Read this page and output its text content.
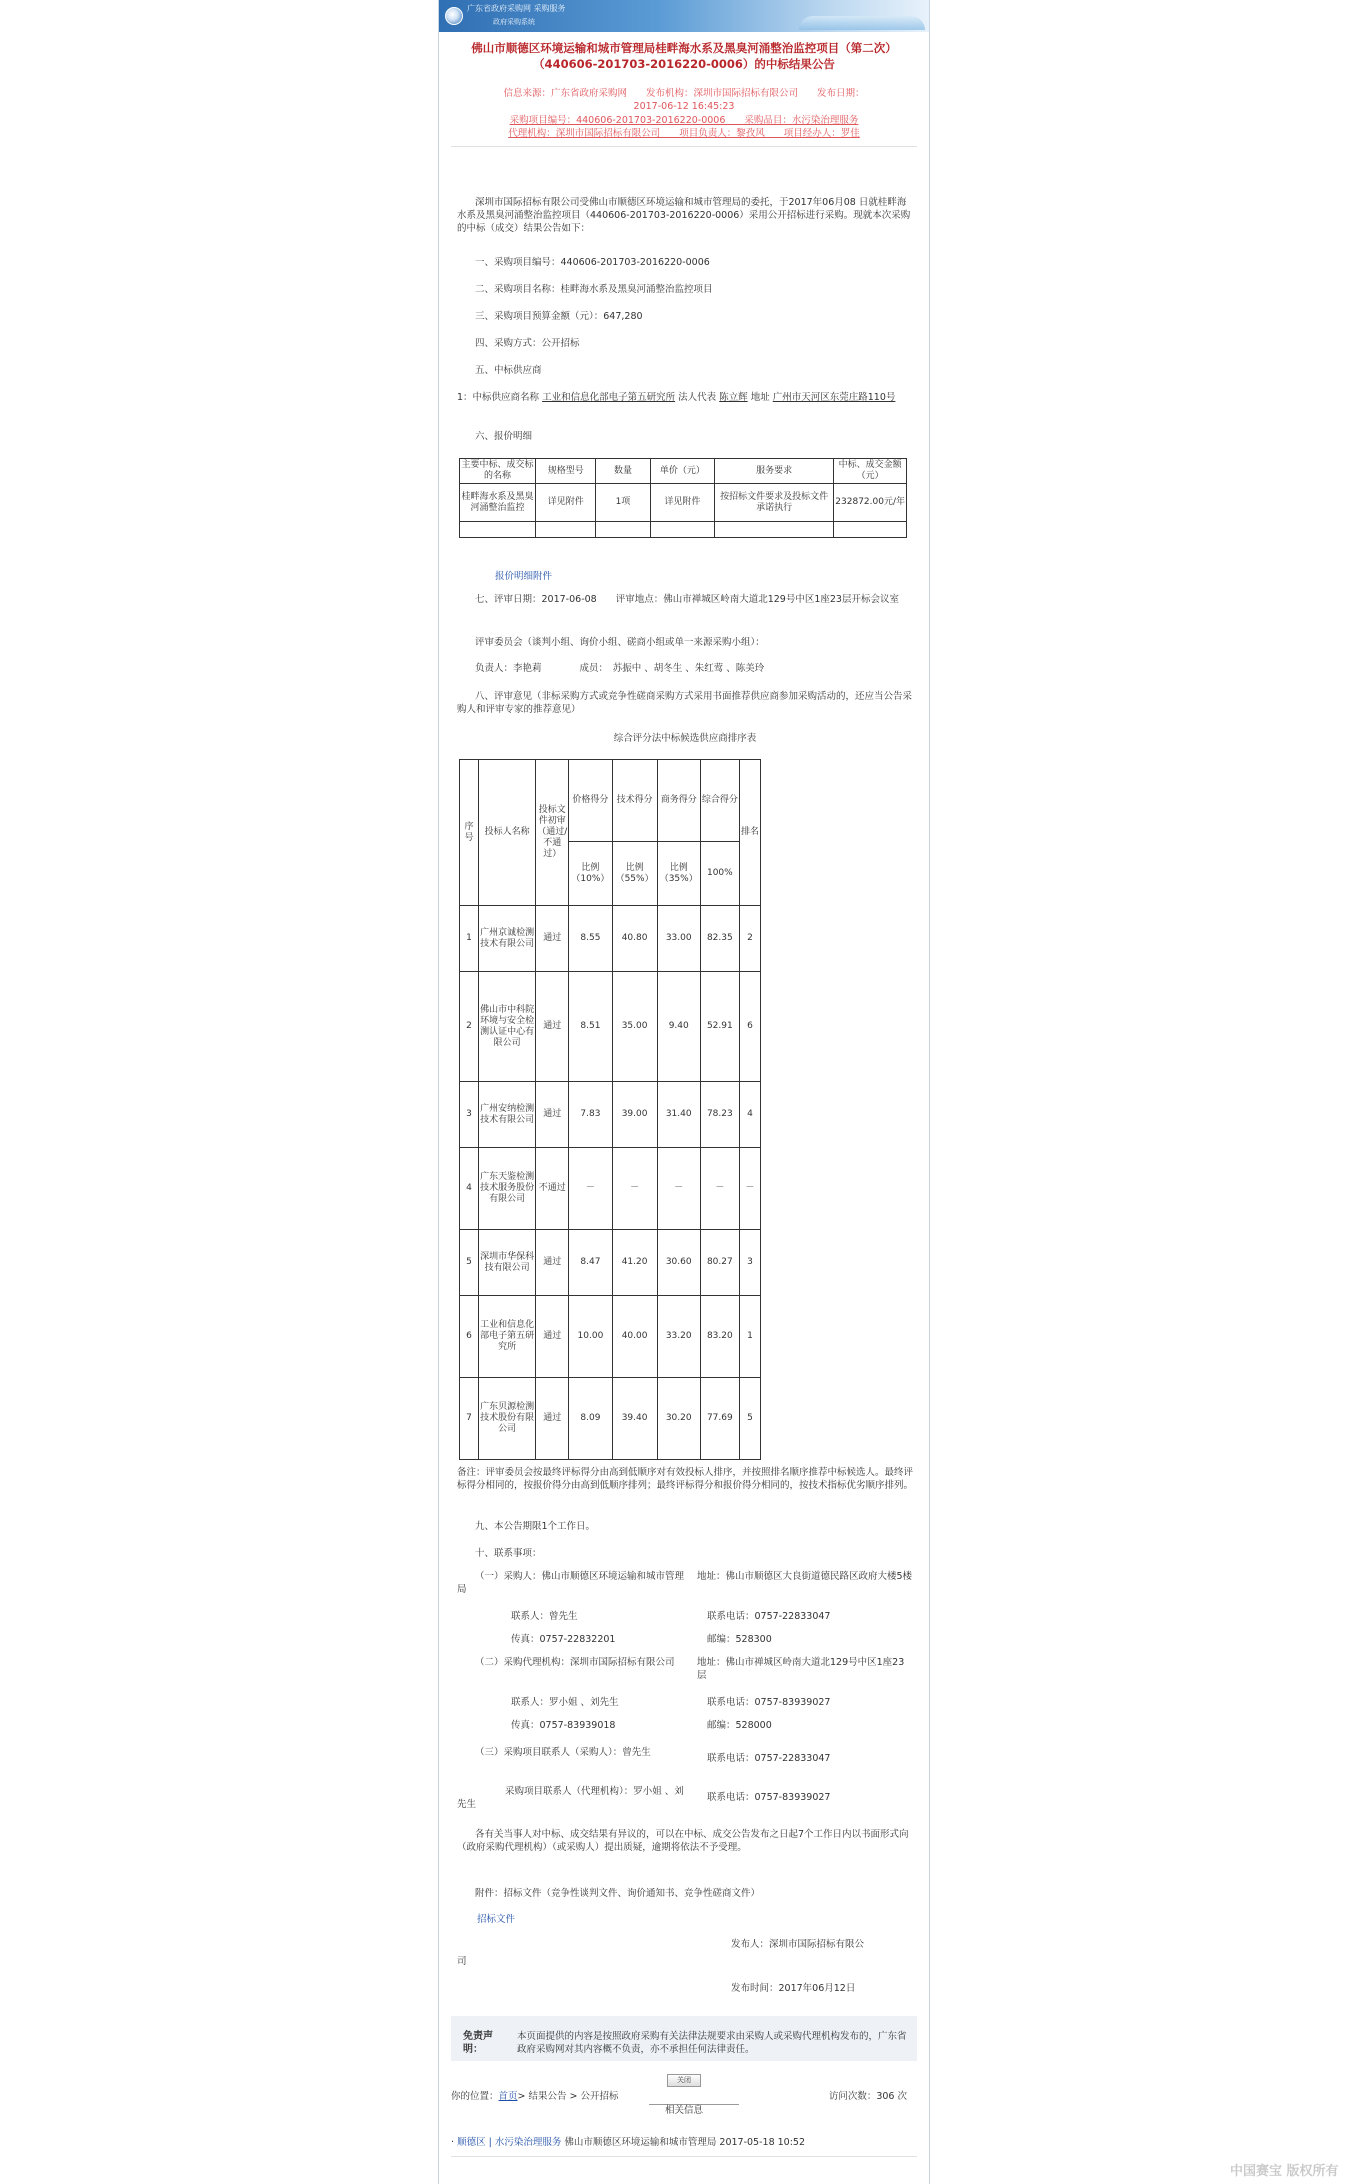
广东省政府采购网 采购服务
政府采购系统
佛山市顺德区环境运输和城市管理局桂畔海水系及黑臭河涌整治监控项目（第二次）（440606-201703-2016220-0006）的中标结果公告
信息来源：广东省政府采购网　　发布机构：深圳市国际招标有限公司　　发布日期：
2017-06-12 16:45:23
采购项目编号：440606-201703-2016220-0006　　采购品目：水污染治理服务
代理机构：深圳市国际招标有限公司　　项目负责人：黎孜风　　项目经办人：罗佳
深圳市国际招标有限公司受佛山市顺德区环境运输和城市管理局的委托，于2017年06月08 日就桂畔海水系及黑臭河涌整治监控项目（440606-201703-2016220-0006）采用公开招标进行采购。现就本次采购的中标（成交）结果公告如下：
一、采购项目编号：440606-201703-2016220-0006
二、采购项目名称：桂畔海水系及黑臭河涌整治监控项目
三、采购项目预算金额（元）：647,280
四、采购方式：公开招标
五、中标供应商
1：中标供应商名称 工业和信息化部电子第五研究所 法人代表 陈立辉 地址 广州市天河区东莞庄路110号
六、报价明细
主要中标、成交标的名称	规格型号	数量	单价（元）	服务要求	中标、成交金额（元）
桂畔海水系及黑臭河涌整治监控	详见附件	1项	详见附件	按招标文件要求及投标文件承诺执行	232872.00元/年

报价明细附件
七、评审日期：2017-06-08　　评审地点：佛山市禅城区岭南大道北129号中区1座23层开标会议室
评审委员会（谈判小组、询价小组、磋商小组或单一来源采购小组）：
负责人：李艳莉　　　　成员：　苏振中 、胡冬生 、朱红莺 、陈美玲
八、评审意见（非标采购方式或竞争性磋商采购方式采用书面推荐供应商参加采购活动的，还应当公告采购人和评审专家的推荐意见）
综合评分法中标候选供应商排序表
序号	投标人名称	投标文件初审（通过/不通过）	价格得分	技术得分	商务得分	综合得分	排名
			比例（10%）	比例（55%）	比例（35%）	100%	
1	广州京诚检测技术有限公司	通过	8.55	40.80	33.00	82.35	2
2	佛山市中科院环境与安全检测认证中心有限公司	通过	8.51	35.00	9.40	52.91	6
3	广州安纳检测技术有限公司	通过	7.83	39.00	31.40	78.23	4
4	广东天鉴检测技术服务股份有限公司	不通过	－	－	－	－	－
5	深圳市华保科技有限公司	通过	8.47	41.20	30.60	80.27	3
6	工业和信息化部电子第五研究所	通过	10.00	40.00	33.20	83.20	1
7	广东贝源检测技术股份有限公司	通过	8.09	39.40	30.20	77.69	5
备注：评审委员会按最终评标得分由高到低顺序对有效投标人排序，并按照排名顺序推荐中标候选人。最终评标得分相同的，按报价得分由高到低顺序排列；最终评标得分和报价得分相同的，按技术指标优劣顺序排列。
九、本公告期限1个工作日。
十、联系事项：
（一）采购人：佛山市顺德区环境运输和城市管理局
地址：佛山市顺德区大良街道德民路区政府大楼5楼
联系人：曾先生	联系电话：0757-22833047
传真：0757-22832201	邮编：528300
（二）采购代理机构：深圳市国际招标有限公司	地址：佛山市禅城区岭南大道北129号中区1座23层
联系人：罗小姐 、刘先生	联系电话：0757-83939027
传真：0757-83939018	邮编：528000
（三）采购项目联系人（采购人）：曾先生
联系电话：0757-22833047
采购项目联系人（代理机构）：罗小姐 、刘先生
联系电话：0757-83939027
各有关当事人对中标、成交结果有异议的，可以在中标、成交公告发布之日起7个工作日内以书面形式向（政府采购代理机构）（或采购人）提出质疑，逾期将依法不予受理。
附件：招标文件（竞争性谈判文件、询价通知书、竞争性磋商文件）
招标文件
发布人：深圳市国际招标有限公
司
发布时间：2017年06月12日
免责声明：
本页面提供的内容是按照政府采购有关法律法规要求由采购人或采购代理机构发布的，广东省政府采购网对其内容概不负责，亦不承担任何法律责任。
关闭
你的位置：首页> 结果公告 > 公开招标	访问次数：306 次
相关信息
· 顺德区 | 水污染治理服务 佛山市顺德区环境运输和城市管理局 2017-05-18 10:52
中国赛宝 版权所有
